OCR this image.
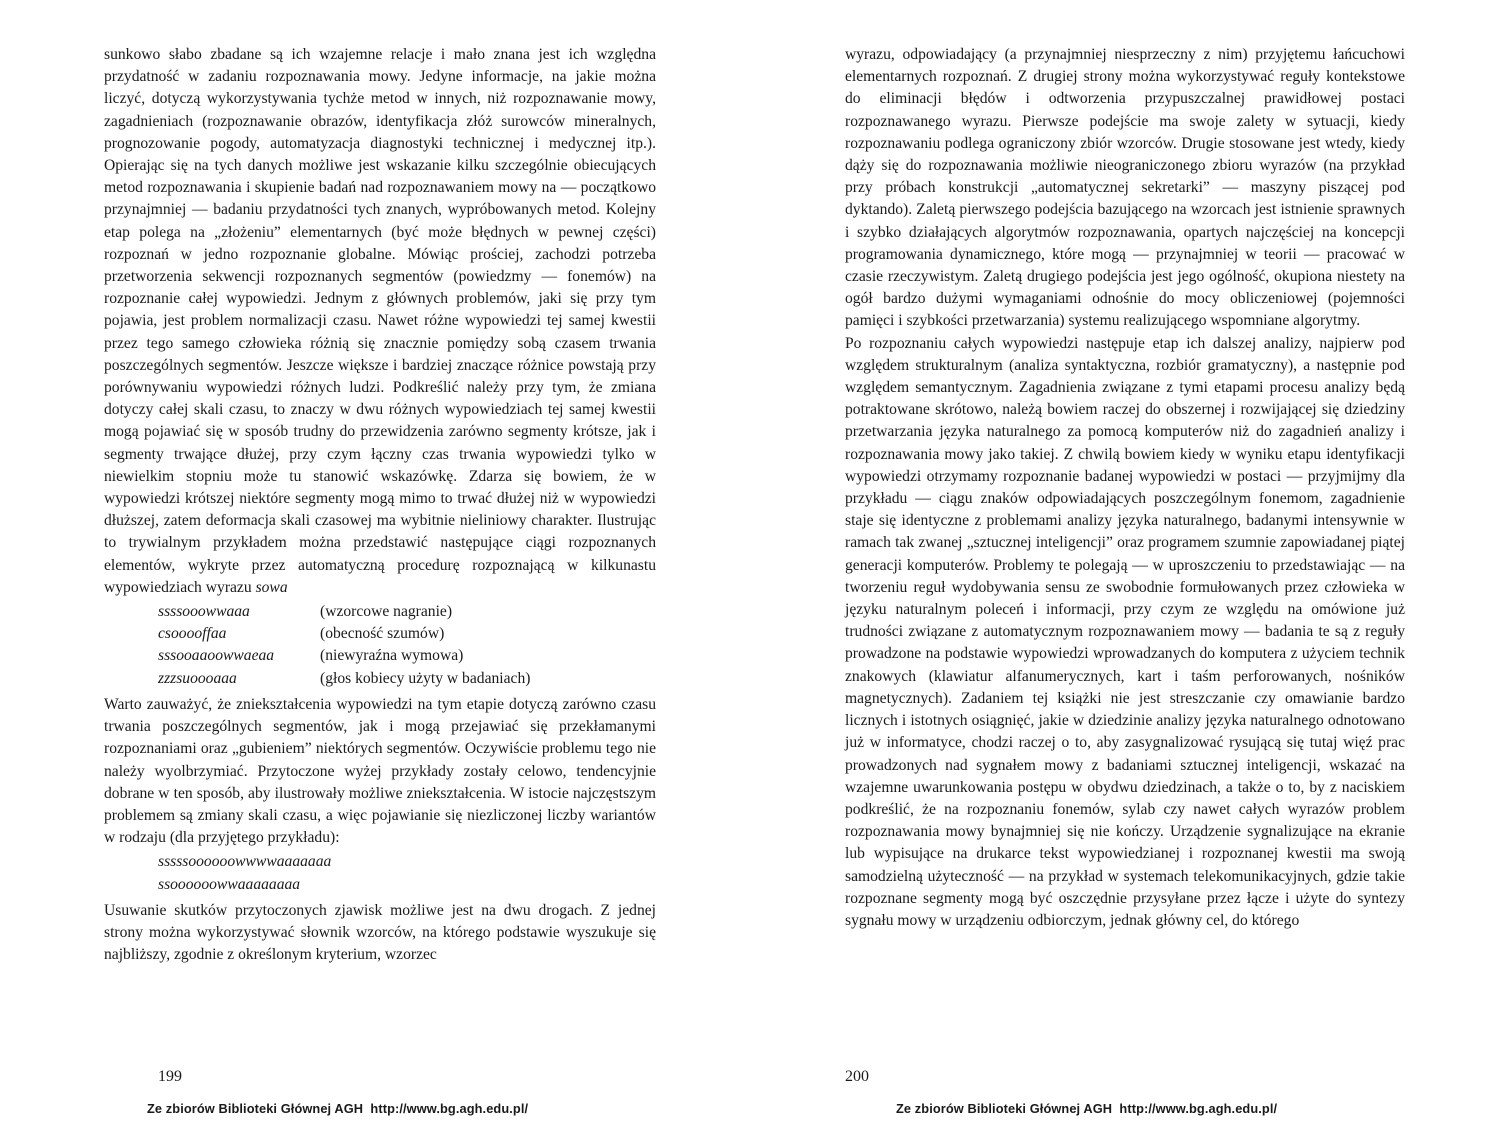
sunkowo słabo zbadane są ich wzajemne relacje i mało znana jest ich względna przydatność w zadaniu rozpoznawania mowy. Jedyne informacje, na jakie można liczyć, dotyczą wykorzystywania tychże metod w innych, niż rozpoznawanie mowy, zagadnieniach (rozpoznawanie obrazów, identyfikacja złóż surowców mineralnych, prognozowanie pogody, automatyzacja diagnostyki technicznej i medycznej itp.). Opierając się na tych danych możliwe jest wskazanie kilku szczególnie obiecujących metod rozpoznawania i skupienie badań nad rozpoznawaniem mowy na — początkowo przynajmniej — badaniu przydatności tych znanych, wypróbowanych metod. Kolejny etap polega na „złożeniu” elementarnych (być może błędnych w pewnej części) rozpoznań w jedno rozpoznanie globalne. Mówiąc prościej, zachodzi potrzeba przetworzenia sekwencji rozpoznanych segmentów (powiedzmy — fonemów) na rozpoznanie całej wypowiedzi. Jednym z głównych problemów, jaki się przy tym pojawia, jest problem normalizacji czasu. Nawet różne wypowiedzi tej samej kwestii przez tego samego człowieka różnią się znacznie pomiędzy sobą czasem trwania poszczególnych segmentów. Jeszcze większe i bardziej znaczące różnice powstają przy porównywaniu wypowiedzi różnych ludzi. Podkreślić należy przy tym, że zmiana dotyczy całej skali czasu, to znaczy w dwu różnych wypowiedziach tej samej kwestii mogą pojawiać się w sposób trudny do przewidzenia zarówno segmenty krótsze, jak i segmenty trwające dłużej, przy czym łączny czas trwania wypowiedzi tylko w niewielkim stopniu może tu stanowić wskazówkę. Zdarza się bowiem, że w wypowiedzi krótszej niektóre segmenty mogą mimo to trwać dłużej niż w wypowiedzi dłuższej, zatem deformacja skali czasowej ma wybitnie nieliniowy charakter. Ilustrując to trywialnym przykładem można przedstawić następujące ciągi rozpoznanych elementów, wykryte przez automatyczną procedurę rozpoznającą w kilkunastu wypowiedziach wyrazu sowa

ssssooowwaaa	(wzorcowe nagranie)
csooooffaa	(obecność szumów)
sssooaaoowwaeaa	(niewyraźna wymowa)
zzzsuoooaaa	(głos kobiecy użyty w badaniach)

Warto zauważyć, że zniekształcenia wypowiedzi na tym etapie dotyczą zarówno czasu trwania poszczególnych segmentów, jak i mogą przejawiać się przekłamanymi rozpoznaniami oraz „gubieniem” niektórych segmentów. Oczywiście problemu tego nie należy wyolbrzymiać. Przytoczone wyżej przykłady zostały celowo, tendencyjnie dobrane w ten sposób, aby ilustrowały możliwe zniekształcenia. W istocie najczęstszym problemem są zmiany skali czasu, a więc pojawianie się niezliczonej liczby wariantów w rodzaju (dla przyjętego przykładu):

sssssoooooowwwwaaaaaaa
ssoooooowwaaaaaaaa

Usuwanie skutków przytoczonych zjawisk możliwe jest na dwu drogach. Z jednej strony można wykorzystywać słownik wzorców, na którego podstawie wyszukuje się najbliższy, zgodnie z określonym kryterium, wzorzec

199
Ze zbiorów Biblioteki Głównej AGH  http://www.bg.agh.edu.pl/

wyrazu, odpowiadający (a przynajmniej niesprzeczny z nim) przyjętemu łańcuchowi elementarnych rozpoznań. Z drugiej strony można wykorzystywać reguły kontekstowe do eliminacji błędów i odtworzenia przypuszczalnej prawidłowej postaci rozpoznawanego wyrazu. Pierwsze podejście ma swoje zalety w sytuacji, kiedy rozpoznawaniu podlega ograniczony zbiór wzorców. Drugie stosowane jest wtedy, kiedy dąży się do rozpoznawania możliwie nieograniczonego zbioru wyrazów (na przykład przy próbach konstrukcji „automatycznej sekretarki” — maszyny piszącej pod dyktando). Zaletą pierwszego podejścia bazującego na wzorcach jest istnienie sprawnych i szybko działających algorytmów rozpoznawania, opartych najczęściej na koncepcji programowania dynamicznego, które mogą — przynajmniej w teorii — pracować w czasie rzeczywistym. Zaletą drugiego podejścia jest jego ogólność, okupiona niestety na ogół bardzo dużymi wymaganiami odnośnie do mocy obliczeniowej (pojemności pamięci i szybkości przetwarzania) systemu realizującego wspomniane algorytmy.

Po rozpoznaniu całych wypowiedzi następuje etap ich dalszej analizy, najpierw pod względem strukturalnym (analiza syntaktyczna, rozbiór gramatyczny), a następnie pod względem semantycznym. Zagadnienia związane z tymi etapami procesu analizy będą potraktowane skrótowo, należą bowiem raczej do obszernej i rozwijającej się dziedziny przetwarzania języka naturalnego za pomocą komputerów niż do zagadnień analizy i rozpoznawania mowy jako takiej. Z chwilą bowiem kiedy w wyniku etapu identyfikacji wypowiedzi otrzymamy rozpoznanie badanej wypowiedzi w postaci — przyjmijmy dla przykładu — ciągu znaków odpowiadających poszczególnym fonemom, zagadnienie staje się identyczne z problemami analizy języka naturalnego, badanymi intensywnie w ramach tak zwanej „sztucznej inteligencji” oraz programem szumnie zapowiadanej piątej generacji komputerów. Problemy te polegają — w uproszczeniu to przedstawiając — na tworzeniu reguł wydobywania sensu ze swobodnie formułowanych przez człowieka w języku naturalnym poleceń i informacji, przy czym ze względu na omówione już trudności związane z automatycznym rozpoznawaniem mowy — badania te są z reguły prowadzone na podstawie wypowiedzi wprowadzanych do komputera z użyciem technik znakowych (klawiatur alfanumerycznych, kart i taśm perforowanych, nośników magnetycznych). Zadaniem tej książki nie jest streszczanie czy omawianie bardzo licznych i istotnych osiągnięć, jakie w dziedzinie analizy języka naturalnego odnotowano już w informatyce, chodzi raczej o to, aby zasygnalizować rysującą się tutaj więź prac prowadzonych nad sygnałem mowy z badaniami sztucznej inteligencji, wskazać na wzajemne uwarunkowania postępu w obydwu dziedzinach, a także o to, by z naciskiem podkreślić, że na rozpoznaniu fonemów, sylab czy nawet całych wyrazów problem rozpoznawania mowy bynajmniej się nie kończy. Urządzenie sygnalizujące na ekranie lub wypisujące na drukarce tekst wypowiedzianej i rozpoznanej kwestii ma swoją samodzielną użyteczność — na przykład w systemach telekomunikacyjnych, gdzie takie rozpoznane segmenty mogą być oszczędnie przysyłane przez łącze i użyte do syntezy sygnału mowy w urządzeniu odbiorczym, jednak główny cel, do którego

200
Ze zbiorów Biblioteki Głównej AGH  http://www.bg.agh.edu.pl/
